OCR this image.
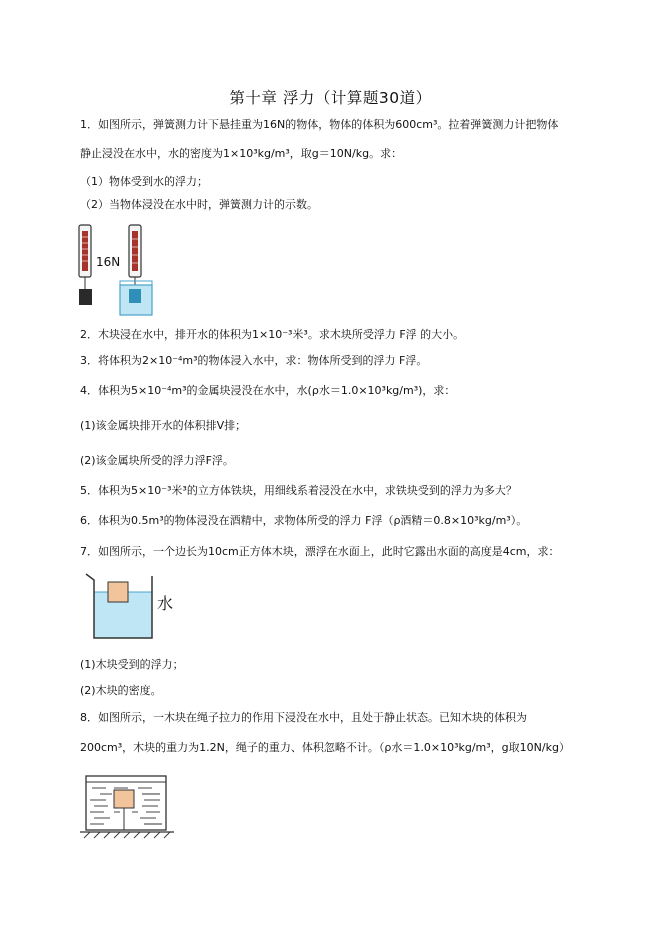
第十章 浮力（计算题30道）
1．如图所示，弹簧测力计下悬挂重为16N的物体，物体的体积为600cm³。拉着弹簧测力计把物体
静止浸没在水中，水的密度为1×10³kg/m³，取g＝10N/kg。求：
（1）物体受到水的浮力；
（2）当物体浸没在水中时，弹簧测力计的示数。
16N
2．木块浸在水中，排开水的体积为1×10⁻³米³。求木块所受浮力 F浮 的大小。
3．将体积为2×10⁻⁴m³的物体浸入水中，求：物体所受到的浮力 F浮。
4．体积为5×10⁻⁴m³的金属块浸没在水中，水(ρ水＝1.0×10³kg/m³)，求：
(1)该金属块排开水的体积排V排；
(2)该金属块所受的浮力浮F浮。
5．体积为5×10⁻³米³的立方体铁块，用细线系着浸没在水中，求铁块受到的浮力为多大？
6．体积为0.5m³的物体浸没在酒精中，求物体所受的浮力 F浮（ρ酒精＝0.8×10³kg/m³）。
7．如图所示，一个边长为10cm正方体木块，漂浮在水面上，此时它露出水面的高度是4cm，求：
水
(1)木块受到的浮力；
(2)木块的密度。
8．如图所示，一木块在绳子拉力的作用下浸没在水中，且处于静止状态。已知木块的体积为
200cm³，木块的重力为1.2N，绳子的重力、体积忽略不计。（ρ水＝1.0×10³kg/m³，g取10N/kg）
